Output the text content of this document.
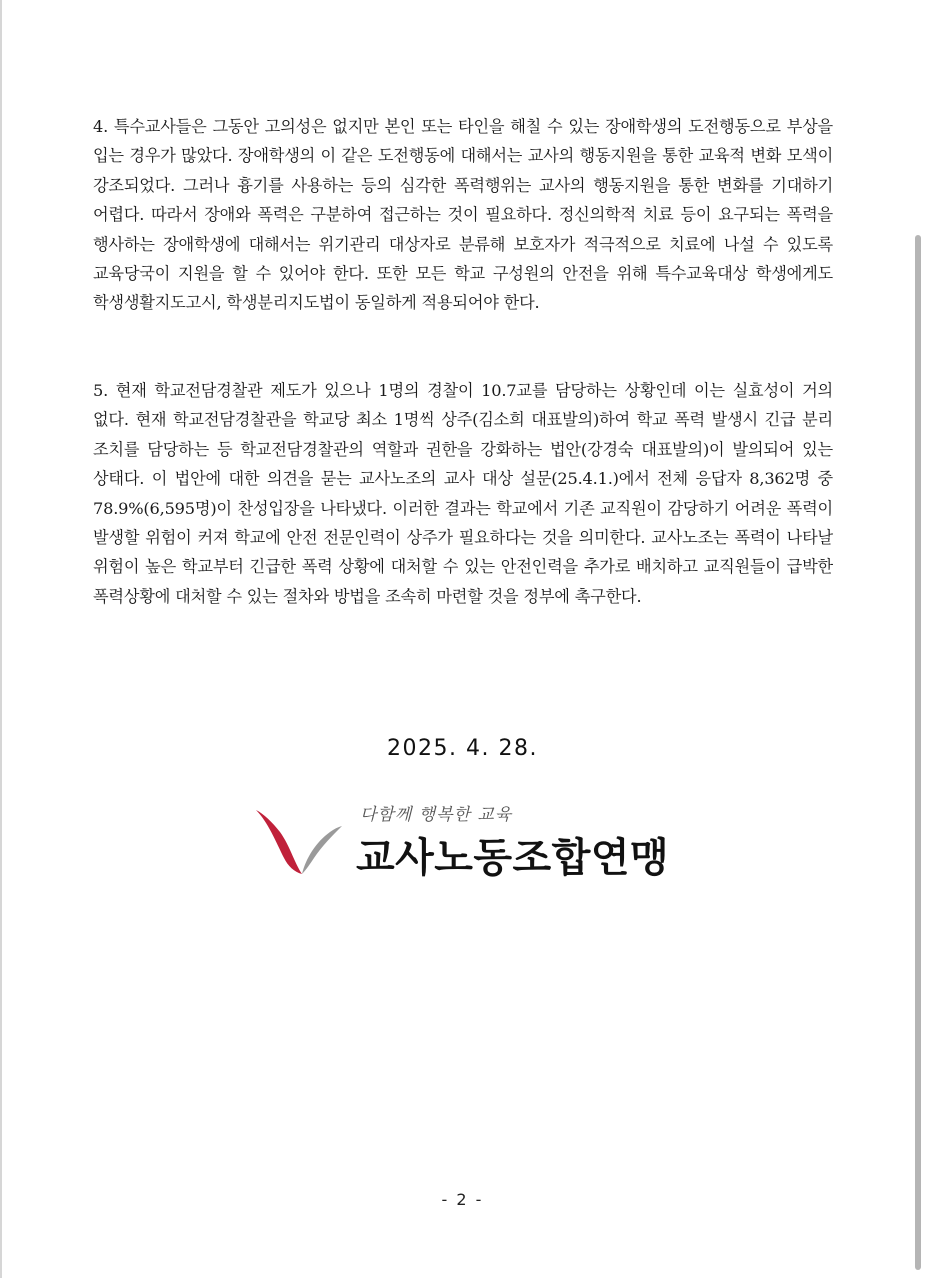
4. 특수교사들은 그동안 고의성은 없지만 본인 또는 타인을 해칠 수 있는 장애학생의 도전행동으로 부상을 입는 경우가 많았다. 장애학생의 이 같은 도전행동에 대해서는 교사의 행동지원을 통한 교육적 변화 모색이 강조되었다. 그러나 흉기를 사용하는 등의 심각한 폭력행위는 교사의 행동지원을 통한 변화를 기대하기 어렵다. 따라서 장애와 폭력은 구분하여 접근하는 것이 필요하다. 정신의학적 치료 등이 요구되는 폭력을 행사하는 장애학생에 대해서는 위기관리 대상자로 분류해 보호자가 적극적으로 치료에 나설 수 있도록 교육당국이 지원을 할 수 있어야 한다. 또한 모든 학교 구성원의 안전을 위해 특수교육대상 학생에게도 학생생활지도고시, 학생분리지도법이 동일하게 적용되어야 한다.

5. 현재 학교전담경찰관 제도가 있으나 1명의 경찰이 10.7교를 담당하는 상황인데 이는 실효성이 거의 없다. 현재 학교전담경찰관을 학교당 최소 1명씩 상주(김소희 대표발의)하여 학교 폭력 발생시 긴급 분리 조치를 담당하는 등 학교전담경찰관의 역할과 권한을 강화하는 법안(강경숙 대표발의)이 발의되어 있는 상태다. 이 법안에 대한 의견을 묻는 교사노조의 교사 대상 설문(25.4.1.)에서 전체 응답자 8,362명 중 78.9%(6,595명)이 찬성입장을 나타냈다. 이러한 결과는 학교에서 기존 교직원이 감당하기 어려운 폭력이 발생할 위험이 커져 학교에 안전 전문인력이 상주가 필요하다는 것을 의미한다. 교사노조는 폭력이 나타날 위험이 높은 학교부터 긴급한 폭력 상황에 대처할 수 있는 안전인력을 추가로 배치하고 교직원들이 급박한 폭력상황에 대처할 수 있는 절차와 방법을 조속히 마련할 것을 정부에 촉구한다.

2025. 4. 28.
다함께 행복한 교육
교사노동조합연맹
- 2 -
